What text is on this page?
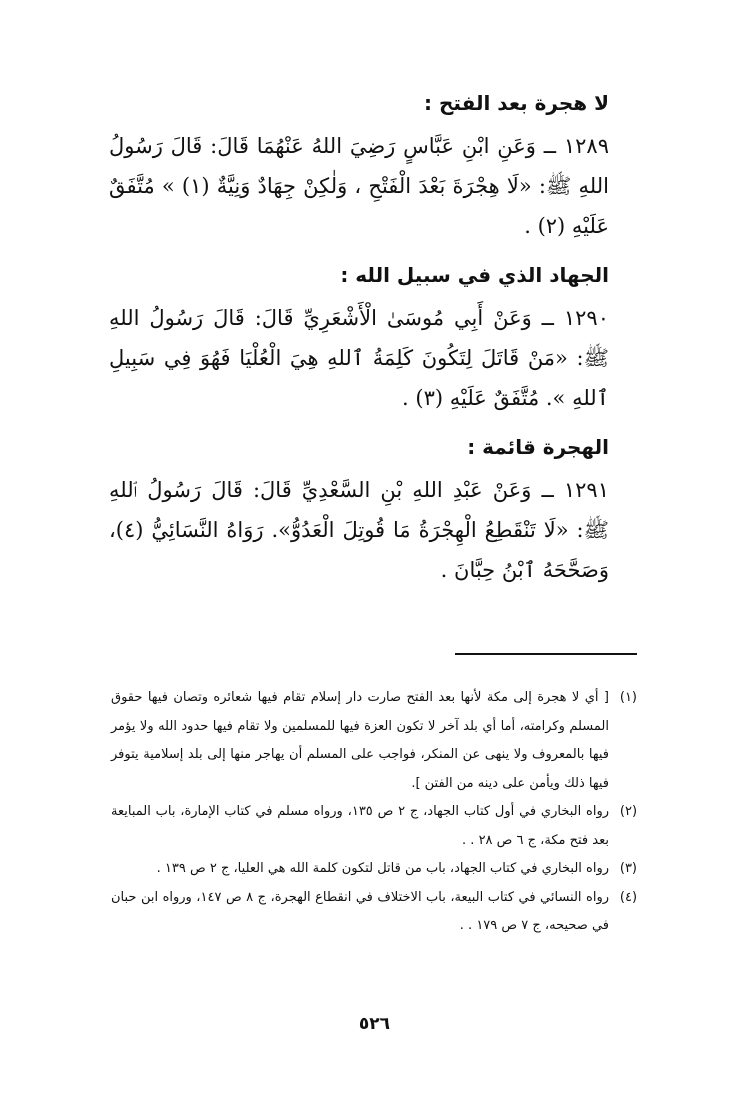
لا هجرة بعد الفتح :

١٢٨٩ ــ وَعَنِ ابْنِ عَبَّاسٍ رَضِيَ اللهُ عَنْهُمَا قَالَ: قَالَ رَسُولُ اللهِ ﷺ: «لَا هِجْرَةَ بَعْدَ الْفَتْحِ ، وَلٰكِنْ جِهَادٌ وَنِيَّةٌ (١) » مُتَّفَقٌ عَلَيْهِ (٢) .

الجهاد الذي في سبيل الله :

١٢٩٠ ــ وَعَنْ أَبِي مُوسَىٰ الْأَشْعَرِيِّ قَالَ: قَالَ رَسُولُ اللهِ ﷺ: «مَنْ قَاتَلَ لِتَكُونَ كَلِمَةُ ٱللهِ هِيَ الْعُلْيَا فَهُوَ فِي سَبِيلِ ٱللهِ ». مُتَّفَقٌ عَلَيْهِ (٣) .

الهجرة قائمة :

١٢٩١ ــ وَعَنْ عَبْدِ اللهِ بْنِ السَّعْدِيِّ قَالَ: قَالَ رَسُولُ ٱللهِ ﷺ: «لَا تَنْقَطِعُ الْهِجْرَةُ مَا قُوتِلَ الْعَدُوُّ». رَوَاهُ النَّسَائِيُّ (٤)، وَصَحَّحَهُ ٱبْنُ حِبَّانَ .

(١)[ أي لا هجرة إلى مكة لأنها بعد الفتح صارت دار إسلام تقام فيها شعائره وتصان فيها حقوق المسلم وكرامته، أما أي بلد آخر لا تكون العزة فيها للمسلمين ولا تقام فيها حدود الله ولا يؤمر فيها بالمعروف ولا ينهى عن المنكر، فواجب على المسلم أن يهاجر منها إلى بلد إسلامية يتوفر فيها ذلك ويأمن على دينه من الفتن ].

(٢)رواه البخاري في أول كتاب الجهاد، ج ٢ ص ١٣٥، ورواه مسلم في كتاب الإمارة، باب المبايعة بعد فتح مكة، ج ٦ ص ٢٨ . .

(٣)رواه البخاري في كتاب الجهاد، باب من قاتل لتكون كلمة الله هي العليا، ج ٢ ص ١٣٩ .

(٤)رواه النسائي في كتاب البيعة، باب الاختلاف في انقطاع الهجرة، ج ٨ ص ١٤٧، ورواه ابن حبان في صحيحه، ج ٧ ص ١٧٩ . .

٥٢٦
